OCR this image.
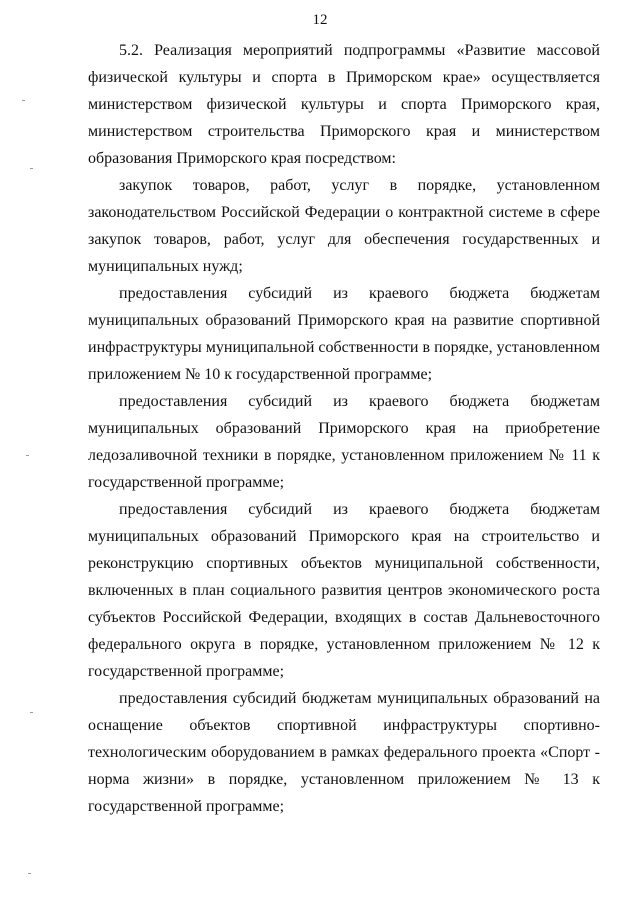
12

5.2. Реализация мероприятий подпрограммы «Развитие массовой физической культуры и спорта в Приморском крае» осуществляется министерством физической культуры и спорта Приморского края, министерством строительства Приморского края и министерством образования Приморского края посредством:

закупок товаров, работ, услуг в порядке, установленном законодательством Российской Федерации о контрактной системе в сфере закупок товаров, работ, услуг для обеспечения государственных и муниципальных нужд;

предоставления субсидий из краевого бюджета бюджетам муниципальных образований Приморского края на развитие спортивной инфраструктуры муниципальной собственности в порядке, установленном приложением № 10 к государственной программе;

предоставления субсидий из краевого бюджета бюджетам муниципальных образований Приморского края на приобретение ледозаливочной техники в порядке, установленном приложением № 11 к государственной программе;

предоставления субсидий из краевого бюджета бюджетам муниципальных образований Приморского края на строительство и реконструкцию спортивных объектов муниципальной собственности, включенных в план социального развития центров экономического роста субъектов Российской Федерации, входящих в состав Дальневосточного федерального округа в порядке, установленном приложением № 12 к государственной программе;

предоставления субсидий бюджетам муниципальных образований на оснащение объектов спортивной инфраструктуры спортивно-технологическим оборудованием в рамках федерального проекта «Спорт - норма жизни» в порядке, установленном приложением № 13 к государственной программе;
